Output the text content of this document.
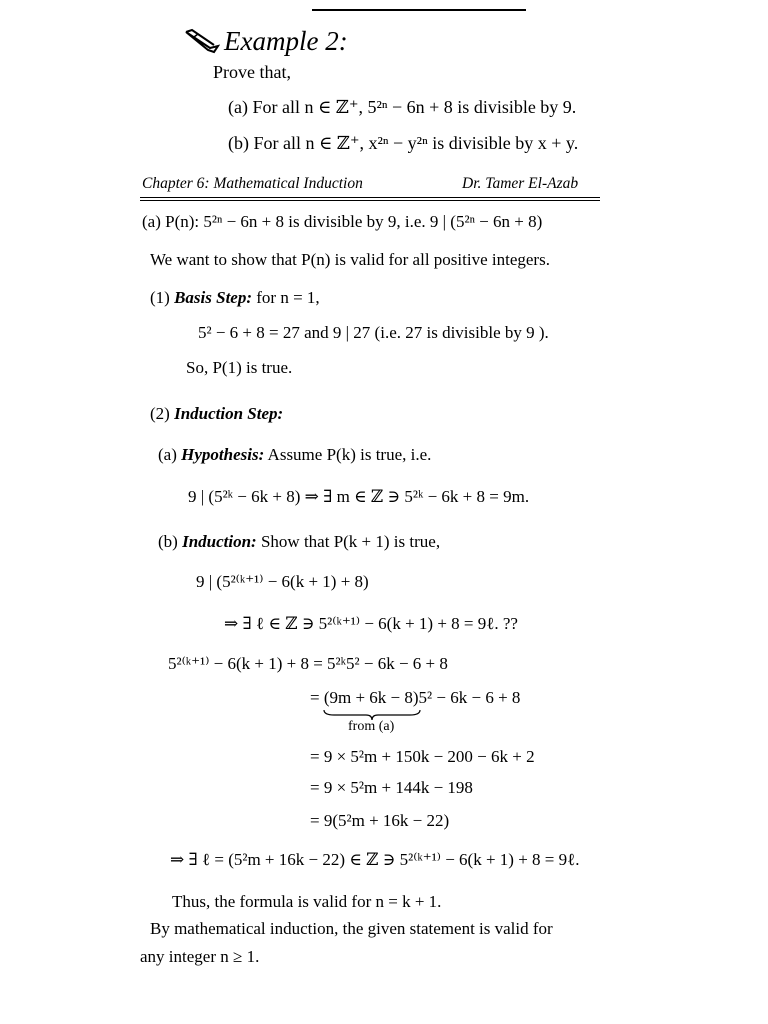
Example 2:
Prove that,
(a) For all n ∈ ℤ⁺, 5²ⁿ − 6n + 8 is divisible by 9.
(b) For all n ∈ ℤ⁺, x²ⁿ − y²ⁿ is divisible by x + y.
Chapter 6: Mathematical Induction	Dr. Tamer El-Azab
(a) P(n): 5²ⁿ − 6n + 8 is divisible by 9, i.e. 9 | (5²ⁿ − 6n + 8)
We want to show that P(n) is valid for all positive integers.
(1) Basis Step: for n = 1,
5² − 6 + 8 = 27 and 9 | 27 (i.e. 27 is divisible by 9 ).
So, P(1) is true.
(2) Induction Step:
(a) Hypothesis: Assume P(k) is true, i.e.
9 | (5²ᵏ − 6k + 8) ⇒ ∃ m ∈ ℤ ∋ 5²ᵏ − 6k + 8 = 9m.
(b) Induction: Show that P(k + 1) is true,
9 | (5²⁽ᵏ⁺¹⁾ − 6(k + 1) + 8)
⇒ ∃ ℓ ∈ ℤ ∋ 5²⁽ᵏ⁺¹⁾ − 6(k + 1) + 8 = 9ℓ. ??
5²⁽ᵏ⁺¹⁾ − 6(k + 1) + 8 = 5²ᵏ5² − 6k − 6 + 8
= (9m + 6k − 8)5² − 6k − 6 + 8
from (a)
= 9 × 5²m + 150k − 200 − 6k + 2
= 9 × 5²m + 144k − 198
= 9(5²m + 16k − 22)
⇒ ∃ ℓ = (5²m + 16k − 22) ∈ ℤ ∋ 5²⁽ᵏ⁺¹⁾ − 6(k + 1) + 8 = 9ℓ.
Thus, the formula is valid for n = k + 1.
By mathematical induction, the given statement is valid for
any integer n ≥ 1.
